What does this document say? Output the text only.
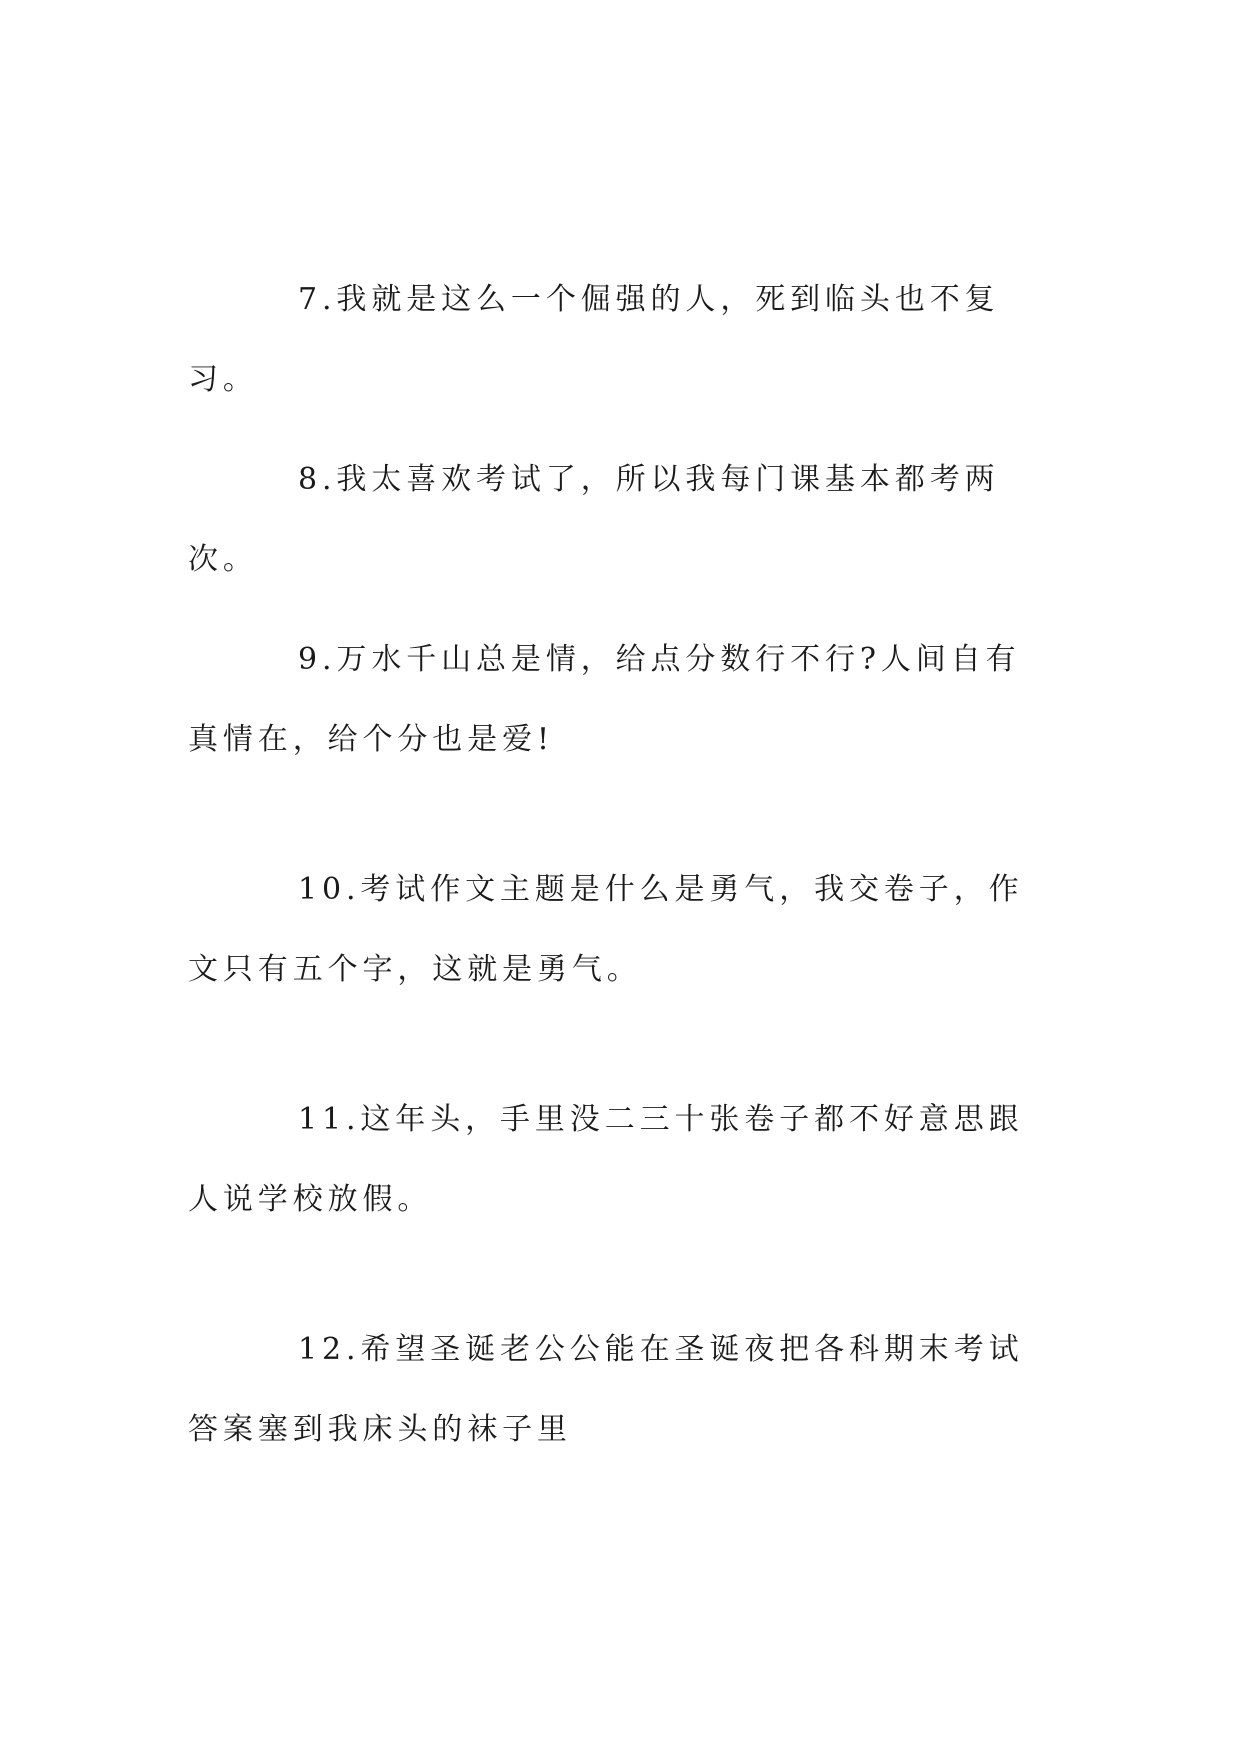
7.我就是这么一个倔强的人，死到临头也不复习。

8.我太喜欢考试了，所以我每门课基本都考两次。

9.万水千山总是情，给点分数行不行?人间自有真情在，给个分也是爱!

10.考试作文主题是什么是勇气，我交卷子，作文只有五个字，这就是勇气。

11.这年头，手里没二三十张卷子都不好意思跟人说学校放假。

12.希望圣诞老公公能在圣诞夜把各科期末考试答案塞到我床头的袜子里
